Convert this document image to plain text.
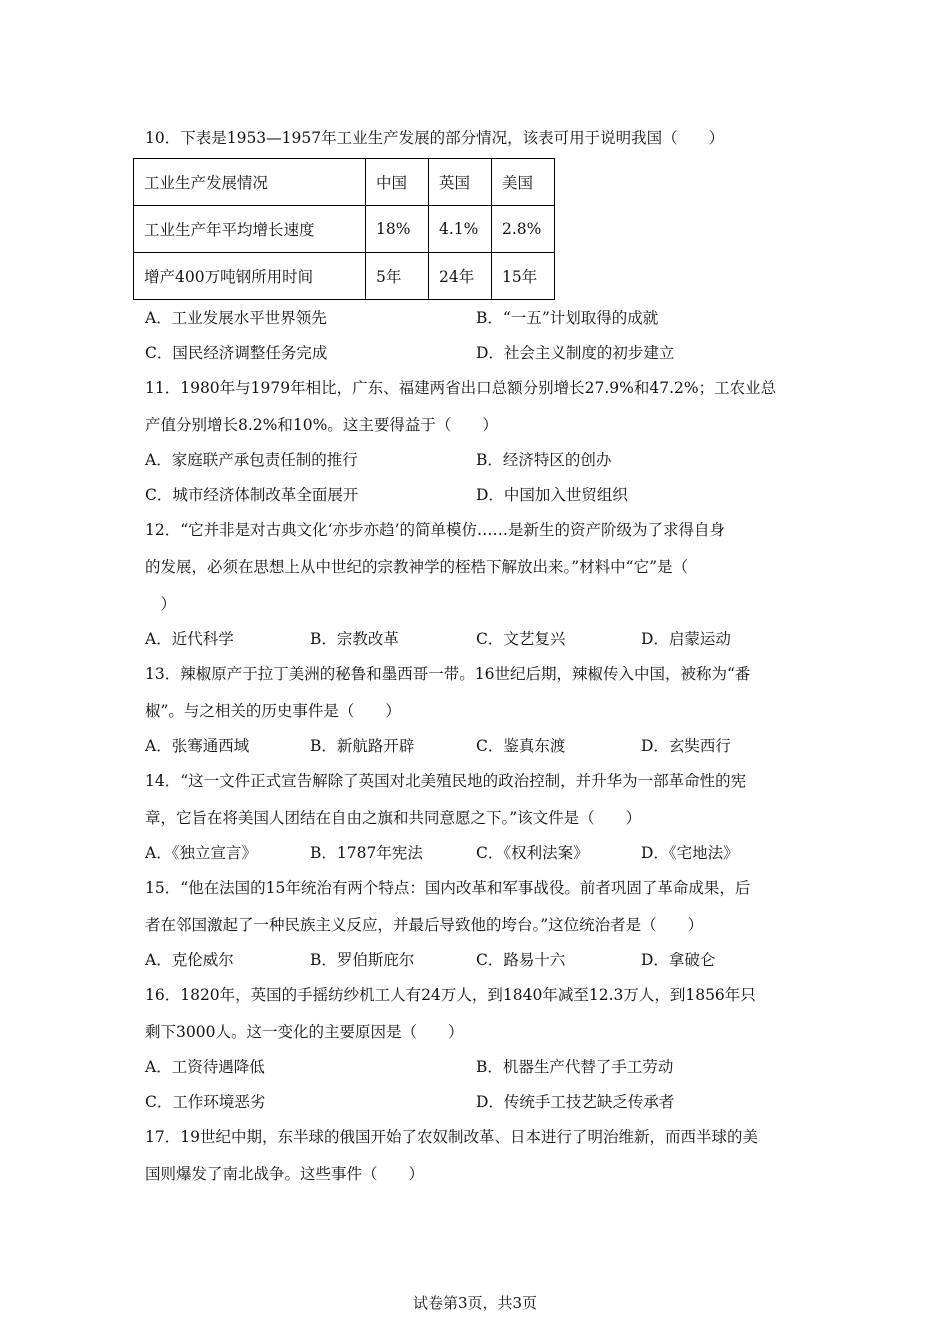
10．下表是1953—1957年工业生产发展的部分情况，该表可用于说明我国（　　）
工业生产发展情况	中国	英国	美国
工业生产年平均增长速度	18%	4.1%	2.8%
增产400万吨钢所用时间	5年	24年	15年
A．工业发展水平世界领先	B．“一五”计划取得的成就
C．国民经济调整任务完成	D．社会主义制度的初步建立
11．1980年与1979年相比，广东、福建两省出口总额分别增长27.9%和47.2%；工农业总
产值分别增长8.2%和10%。这主要得益于（　　）
A．家庭联产承包责任制的推行	B．经济特区的创办
C．城市经济体制改革全面展开	D．中国加入世贸组织
12．“它并非是对古典文化‘亦步亦趋’的简单模仿……是新生的资产阶级为了求得自身
的发展，必须在思想上从中世纪的宗教神学的桎梏下解放出来。”材料中“它”是（
　）
A．近代科学	B．宗教改革	C．文艺复兴	D．启蒙运动
13．辣椒原产于拉丁美洲的秘鲁和墨西哥一带。16世纪后期，辣椒传入中国，被称为“番
椒”。与之相关的历史事件是（　　）
A．张骞通西域	B．新航路开辟	C．鉴真东渡	D．玄奘西行
14．“这一文件正式宣告解除了英国对北美殖民地的政治控制，并升华为一部革命性的宪
章，它旨在将美国人团结在自由之旗和共同意愿之下。”该文件是（　　）
A．《独立宣言》	B．1787年宪法	C．《权利法案》	D．《宅地法》
15．“他在法国的15年统治有两个特点：国内改革和军事战役。前者巩固了革命成果，后
者在邻国激起了一种民族主义反应，并最后导致他的垮台。”这位统治者是（　　）
A．克伦威尔	B．罗伯斯庇尔	C．路易十六	D．拿破仑
16．1820年，英国的手摇纺纱机工人有24万人，到1840年减至12.3万人，到1856年只
剩下3000人。这一变化的主要原因是（　　）
A．工资待遇降低	B．机器生产代替了手工劳动
C．工作环境恶劣	D．传统手工技艺缺乏传承者
17．19世纪中期，东半球的俄国开始了农奴制改革、日本进行了明治维新，而西半球的美
国则爆发了南北战争。这些事件（　　）
试卷第3页，共3页
